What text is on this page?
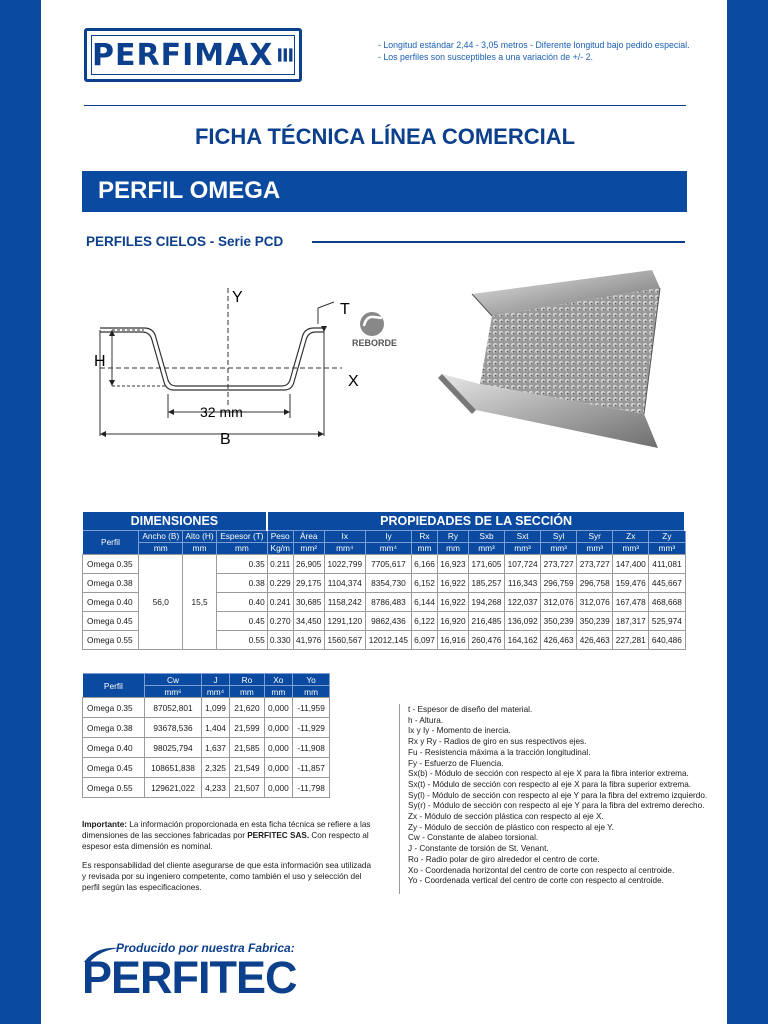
PERFIMAX	- Longitud estándar 2,44 - 3,05 metros - Diferente longitud bajo pedido especial.
- Los perfiles son susceptibles a una variación de +/- 2.
FICHA TÉCNICA LÍNEA COMERCIAL
PERFIL OMEGA
PERFILES CIELOS - Serie PCD
Y
X
T
H
B
32 mm
REBORDE
DIMENSIONES				PROPIEDADES DE LA SECCIÓN											
Perfil	Ancho (B)	Alto (H)	Espesor (T)	Peso	Área	Ix	Iy	Rx	Ry	Sxb	Sxt	Syl	Syr	Zx	Zy
	mm	mm	mm	Kg/m	mm²	mm⁴	mm⁴	mm	mm	mm³	mm³	mm³	mm³	mm³	mm³
Omega 0.35	56,0	15,5	0.35	0.211	26,905	1022,799	7705,617	6,166	16,923	171,605	107,724	273,727	273,727	147,400	411,081
Omega 0.38			0.38	0.229	29,175	1104,374	8354,730	6,152	16,922	185,257	116,343	296,759	296,758	159,476	445,667
Omega 0.40			0.40	0.241	30,685	1158,242	8786,483	6,144	16,922	194,268	122,037	312,076	312,076	167,478	468,668
Omega 0.45			0.45	0.270	34,450	1291,120	9862,436	6,122	16,920	216,485	136,092	350,239	350,239	187,317	525,974
Omega 0.55			0.55	0.330	41,976	1560,567	12012,145	6,097	16,916	260,476	164,162	426,463	426,463	227,281	640,486
Perfil	Cw	J	Ro	Xo	Yo
	mm⁶	mm⁴	mm	mm	mm
Omega 0.35	87052,801	1,099	21,620	0,000	-11,959
Omega 0.38	93678,536	1,404	21,599	0,000	-11,929
Omega 0.40	98025,794	1,637	21,585	0,000	-11,908
Omega 0.45	108651,838	2,325	21,549	0,000	-11,857
Omega 0.55	129621,022	4,233	21,507	0,000	-11,798
Importante: La información proporcionada en esta ficha técnica se refiere a las dimensiones de las secciones fabricadas por PERFITEC SAS. Con respecto al espesor esta dimensión es nominal.
Es responsabilidad del cliente asegurarse de que esta información sea utilizada y revisada por su ingeniero competente, como también el uso y selección del perfil según las especificaciones.
t - Espesor de diseño del material.
h - Altura.
Ix y Iy - Momento de inercia.
Rx y Ry - Radios de giro en sus respectivos ejes.
Fu - Resistencia máxima a la tracción longitudinal.
Fy - Esfuerzo de Fluencia.
Sx(b) - Módulo de sección con respecto al eje X para la fibra interior extrema.
Sx(t) - Módulo de sección con respecto al eje X para la fibra superior extrema.
Sy(l) - Módulo de sección con respecto al eje Y para la fibra del extremo izquierdo.
Sy(r) - Módulo de sección con respecto al eje Y para la fibra del extremo derecho.
Zx - Módulo de sección plástica con respecto al eje X.
Zy - Módulo de sección de plástico con respecto al eje Y.
Cw - Constante de alabeo torsional.
J - Constante de torsión de St. Venant.
Ro - Radio polar de giro alrededor el centro de corte.
Xo - Coordenada horizontal del centro de corte con respecto al centroide.
Yo - Coordenada vertical del centro de corte con respecto al centroide.
Producido por nuestra Fabrica:
PERFITEC
